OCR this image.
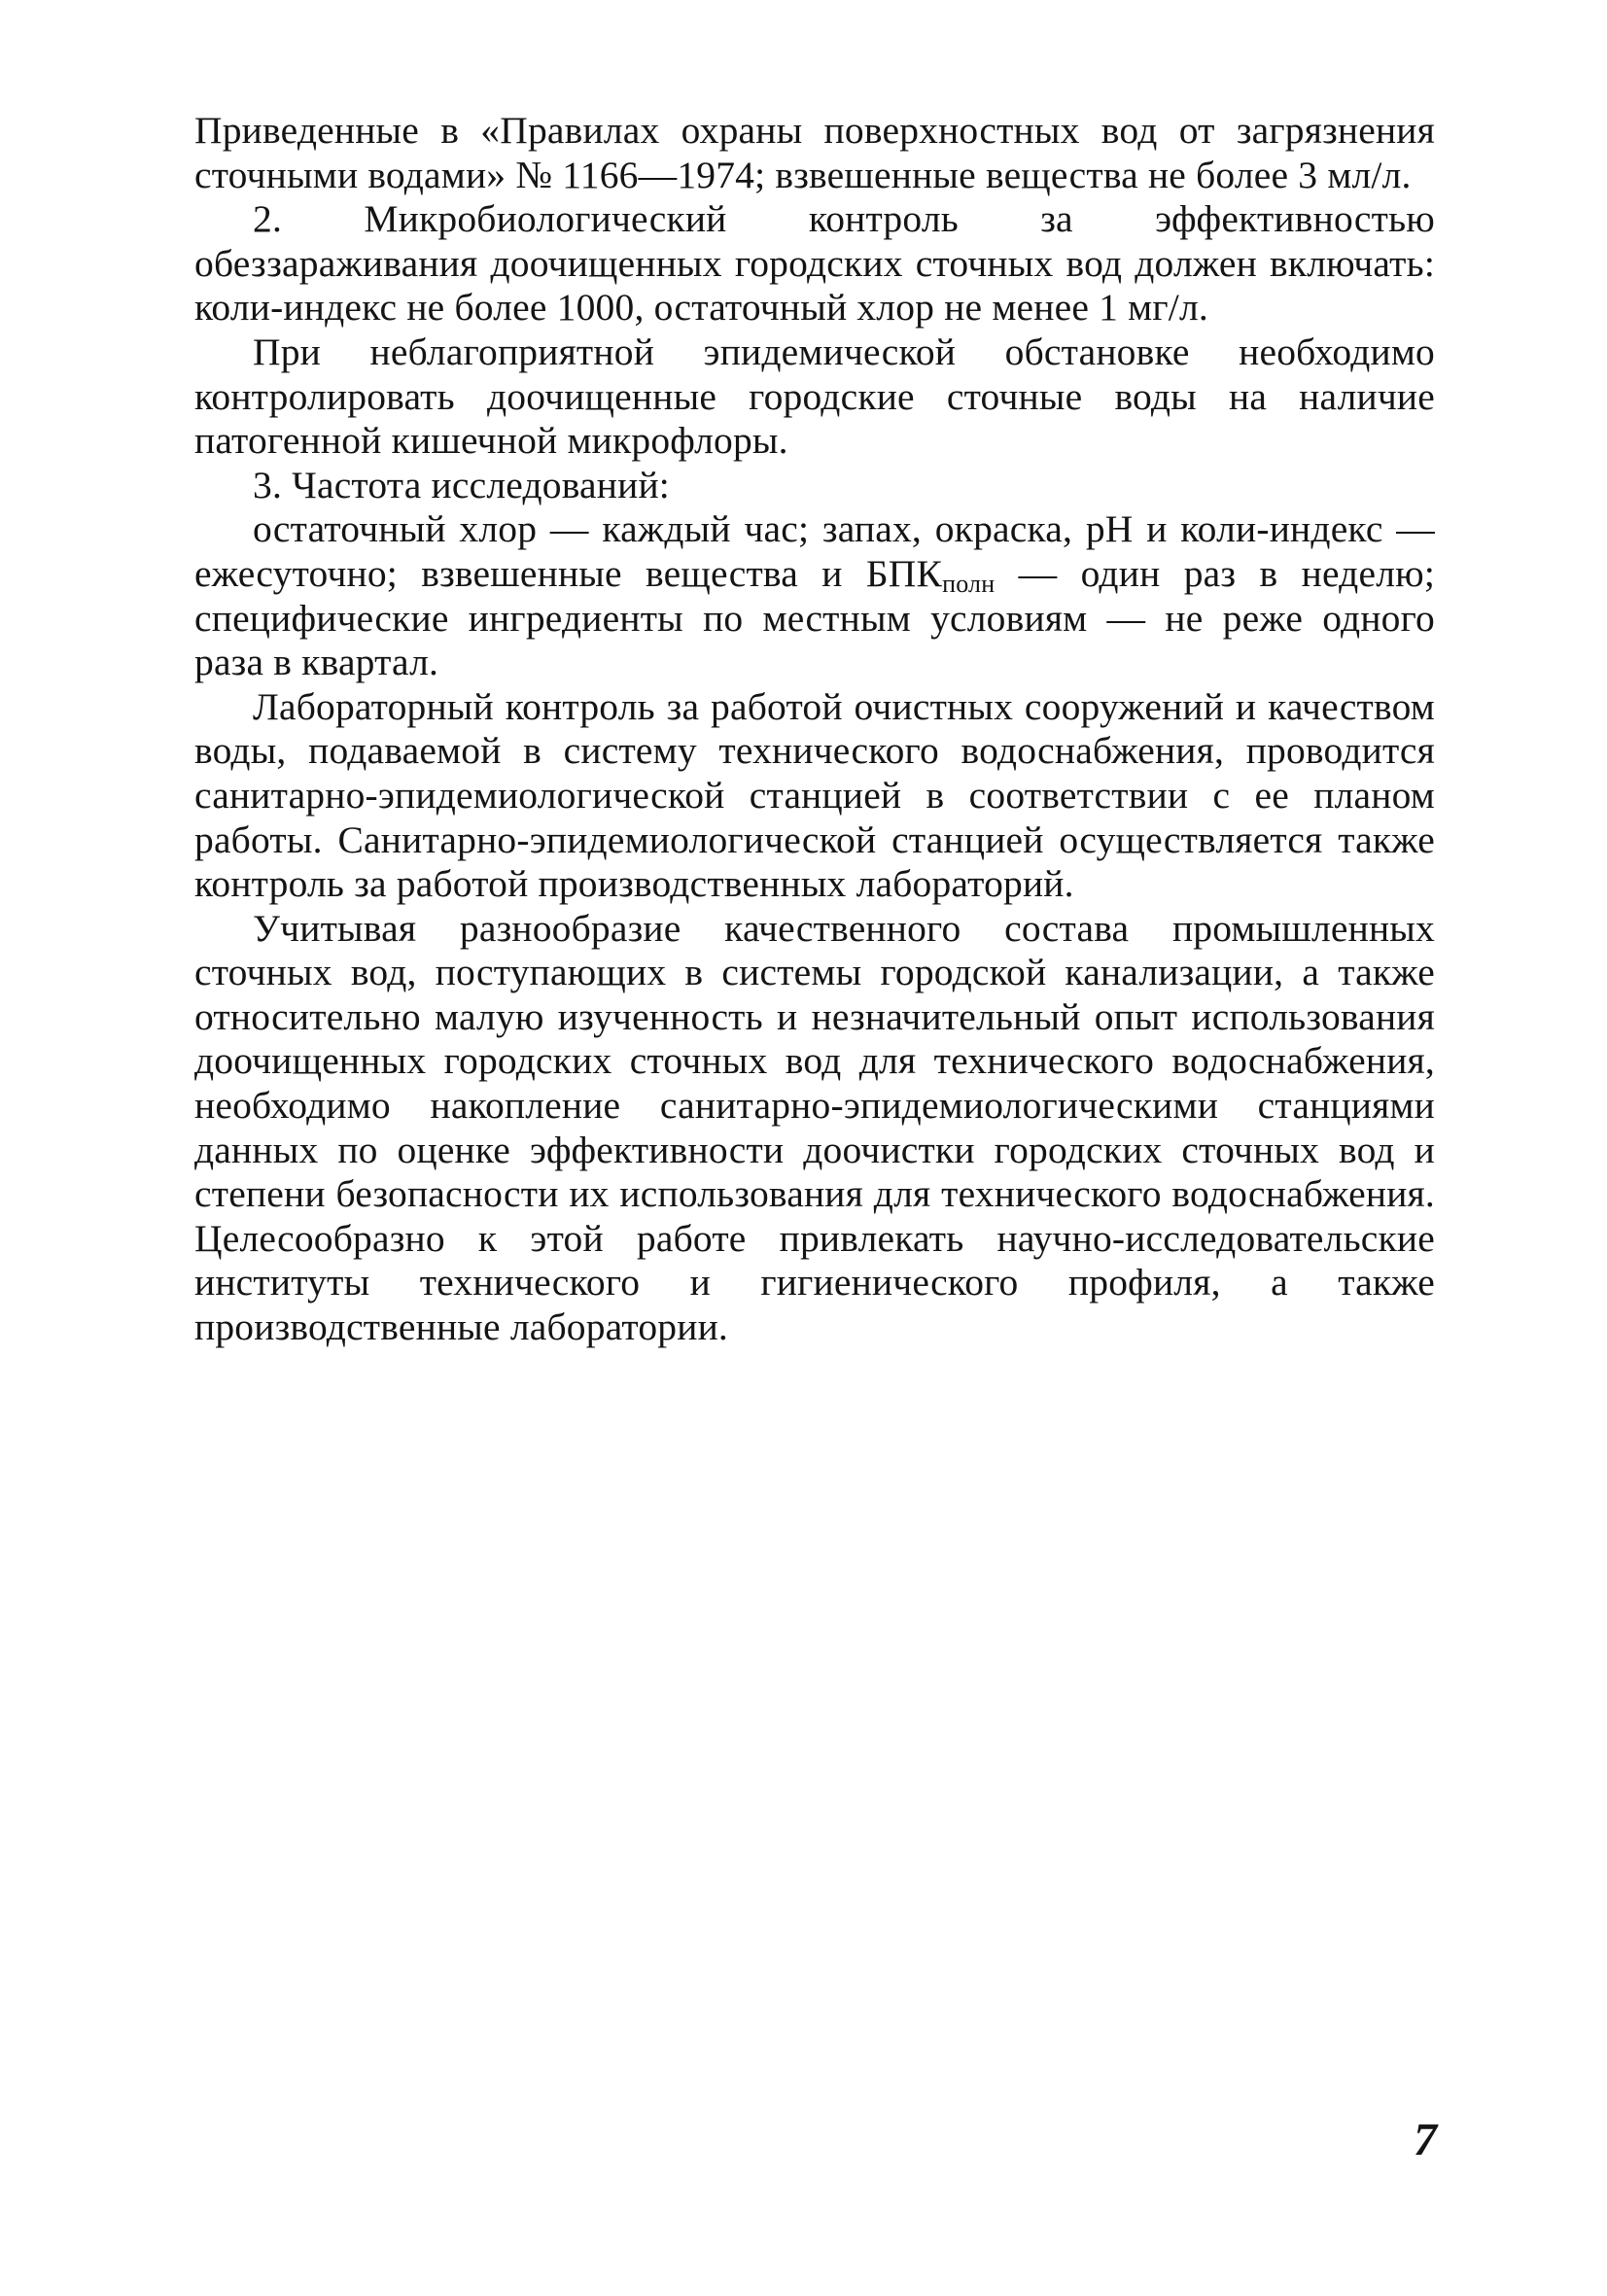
Приведенные в «Правилах охраны поверхностных вод от загрязнения сточными водами» № 1166—1974; взвешенные вещества не более 3 мл/л.

2. Микробиологический контроль за эффективностью обеззараживания доочищенных городских сточных вод должен включать: коли-индекс не более 1000, остаточный хлор не менее 1 мг/л.

При неблагоприятной эпидемической обстановке необходимо контролировать доочищенные городские сточные воды на наличие патогенной кишечной микрофлоры.

3. Частота исследований:

остаточный хлор — каждый час; запах, окраска, pH и коли-индекс — ежесуточно; взвешенные вещества и $БПК_{полн}$ — один раз в неделю; специфические ингредиенты по местным условиям — не реже одного раза в квартал.

Лабораторный контроль за работой очистных сооружений и качеством воды, подаваемой в систему технического водоснабжения, проводится санитарно-эпидемиологической станцией в соответствии с ее планом работы. Санитарно-эпидемиологической станцией осуществляется также контроль за работой производственных лабораторий.

Учитывая разнообразие качественного состава промышленных сточных вод, поступающих в системы городской канализации, а также относительно малую изученность и незначительный опыт использования доочищенных городских сточных вод для технического водоснабжения, необходимо накопление санитарно-эпидемиологическими станциями данных по оценке эффективности доочистки городских сточных вод и степени безопасности их использования для технического водоснабжения. Целесообразно к этой работе привлекать научно-исследовательские институты технического и гигиенического профиля, а также производственные лаборатории.

7
